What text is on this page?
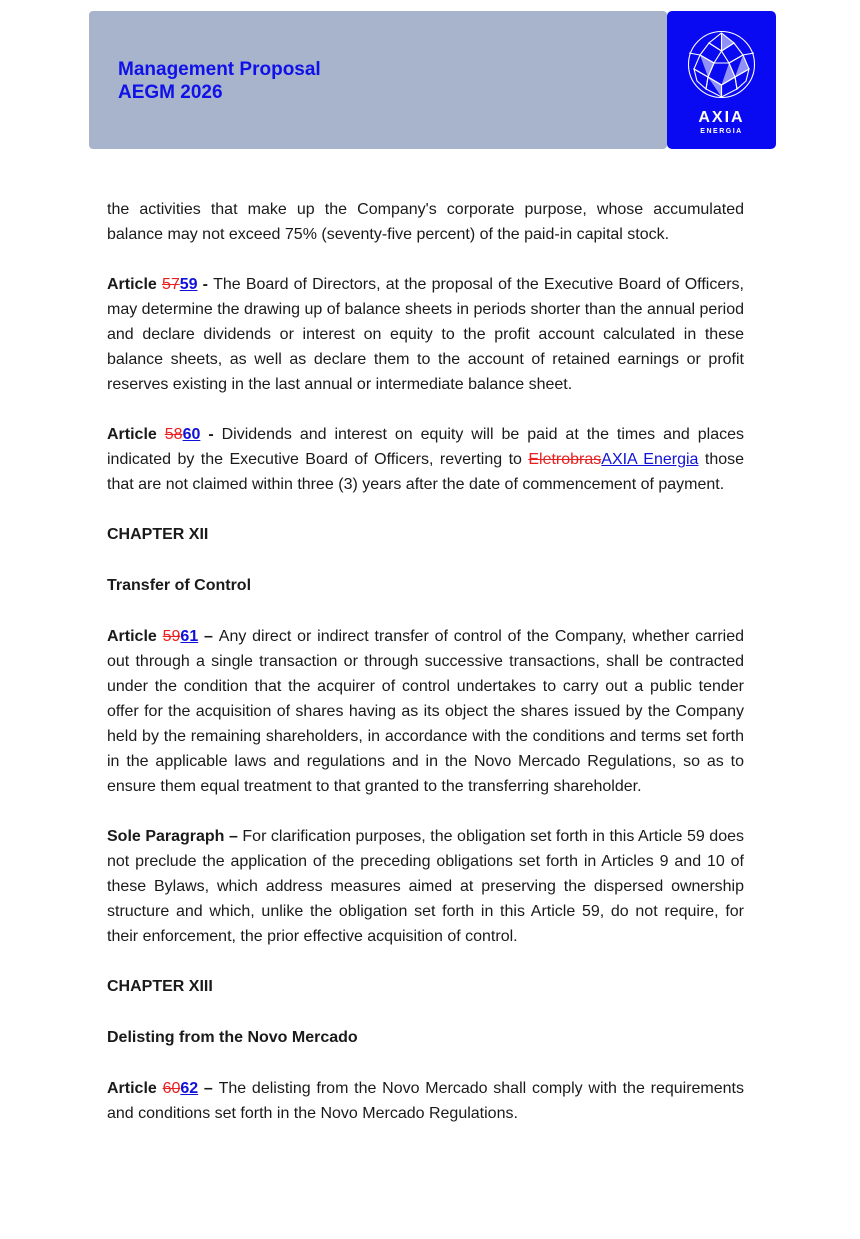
Management Proposal
AEGM 2026
AXIA
ENERGIA

the activities that make up the Company's corporate purpose, whose accumulated balance may not exceed 75% (seventy-five percent) of the paid-in capital stock.

Article 5759 - The Board of Directors, at the proposal of the Executive Board of Officers, may determine the drawing up of balance sheets in periods shorter than the annual period and declare dividends or interest on equity to the profit account calculated in these balance sheets, as well as declare them to the account of retained earnings or profit reserves existing in the last annual or intermediate balance sheet.

Article 5860 - Dividends and interest on equity will be paid at the times and places indicated by the Executive Board of Officers, reverting to EletrobrasAXIA Energia those that are not claimed within three (3) years after the date of commencement of payment.

CHAPTER XII

Transfer of Control

Article 5961 – Any direct or indirect transfer of control of the Company, whether carried out through a single transaction or through successive transactions, shall be contracted under the condition that the acquirer of control undertakes to carry out a public tender offer for the acquisition of shares having as its object the shares issued by the Company held by the remaining shareholders, in accordance with the conditions and terms set forth in the applicable laws and regulations and in the Novo Mercado Regulations, so as to ensure them equal treatment to that granted to the transferring shareholder.

Sole Paragraph – For clarification purposes, the obligation set forth in this Article 59 does not preclude the application of the preceding obligations set forth in Articles 9 and 10 of these Bylaws, which address measures aimed at preserving the dispersed ownership structure and which, unlike the obligation set forth in this Article 59, do not require, for their enforcement, the prior effective acquisition of control.

CHAPTER XIII

Delisting from the Novo Mercado

Article 6062 – The delisting from the Novo Mercado shall comply with the requirements and conditions set forth in the Novo Mercado Regulations.
